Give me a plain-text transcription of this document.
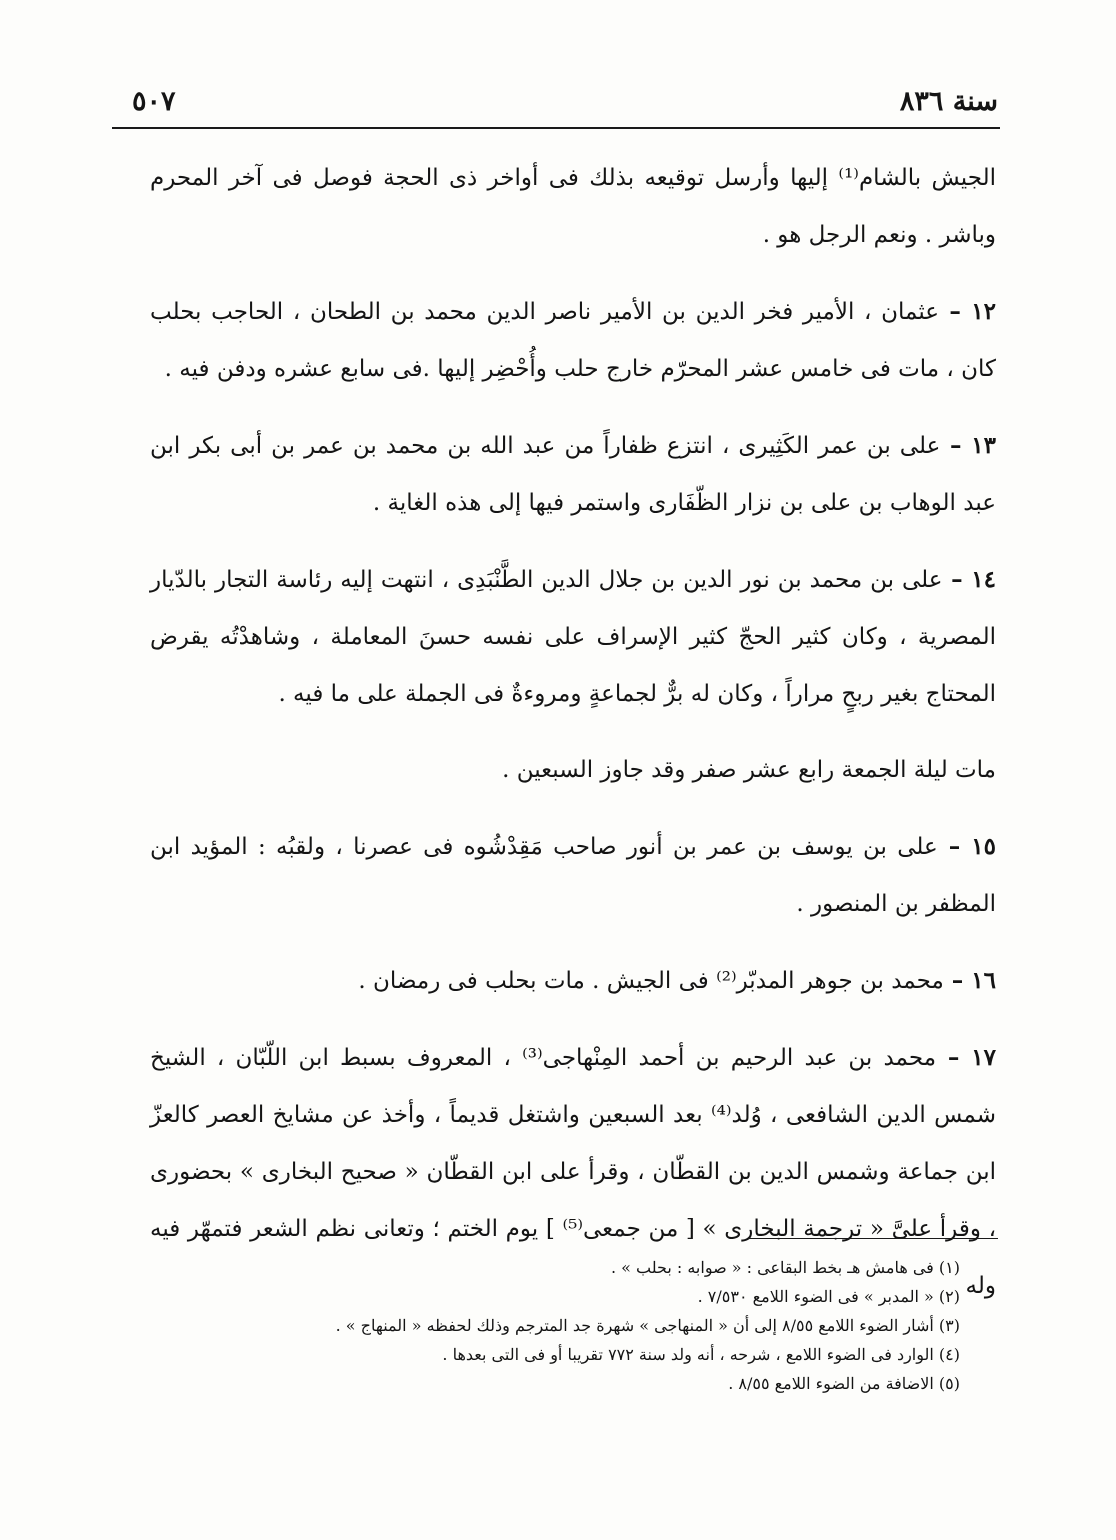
سنة ٨٣٦
٥٠٧

الجيش بالشام⁽¹⁾ إليها وأرسل توقيعه بذلك فى أواخر ذى الحجة فوصل فى آخر المحرم وباشر . ونعم الرجل هو .

١٢ – عثمان ، الأمير فخر الدين بن الأمير ناصر الدين محمد بن الطحان ، الحاجب بحلب كان ، مات فى خامس عشر المحرّم خارج حلب وأُحْضِر إليها .فى سابع عشره ودفن فيه .

١٣ – على بن عمر الكَثِيرى ، انتزع ظفاراً من عبد الله بن محمد بن عمر بن أبى بكر ابن عبد الوهاب بن على بن نزار الظّفَارى واستمر فيها إلى هذه الغاية .

١٤ – على بن محمد بن نور الدين بن جلال الدين الطَّنْبَدِى ، انتهت إليه رئاسة التجار بالدّيار المصرية ، وكان كثير الحجّ كثير الإسراف على نفسه حسنَ المعاملة ، وشاهدْتُه يقرض المحتاج بغير ربحٍ مراراً ، وكان له برٌّ لجماعةٍ ومروءةٌ فى الجملة على ما فيه .

مات ليلة الجمعة رابع عشر صفر وقد جاوز السبعين .

١٥ – على بن يوسف بن عمر بن أنور صاحب مَقِدْشُوه فى عصرنا ، ولقبُه : المؤيد ابن المظفر بن المنصور .

١٦ – محمد بن جوهر المدبّر⁽²⁾ فى الجيش . مات بحلب فى رمضان .

١٧ – محمد بن عبد الرحيم بن أحمد المِنْهاجى⁽³⁾ ، المعروف بسبط ابن اللّبّان ، الشيخ شمس الدين الشافعى ، وُلد⁽⁴⁾ بعد السبعين واشتغل قديماً ، وأخذ عن مشايخ العصر كالعزّ ابن جماعة وشمس الدين بن القطّان ، وقرأ على ابن القطّان « صحيح البخارى » بحضورى ، وقرأ علىَّ « ترجمة البخارى » [ من جمعى⁽⁵⁾ ] يوم الختم ؛ وتعانى نظم الشعر فتمهّر فيه وله

(١) فى هامش هـ بخط البقاعى : « صوابه : بحلب » .
(٢) « المدبر » فى الضوء اللامع ٧/٥٣٠ .
(٣) أشار الضوء اللامع ٨/٥٥ إلى أن « المنهاجى » شهرة جد المترجم وذلك لحفظه « المنهاج » .
(٤) الوارد فى الضوء اللامع ، شرحه ، أنه ولد سنة ٧٧٢ تقريبا أو فى التى بعدها .
(٥) الاضافة من الضوء اللامع ٨/٥٥ .
